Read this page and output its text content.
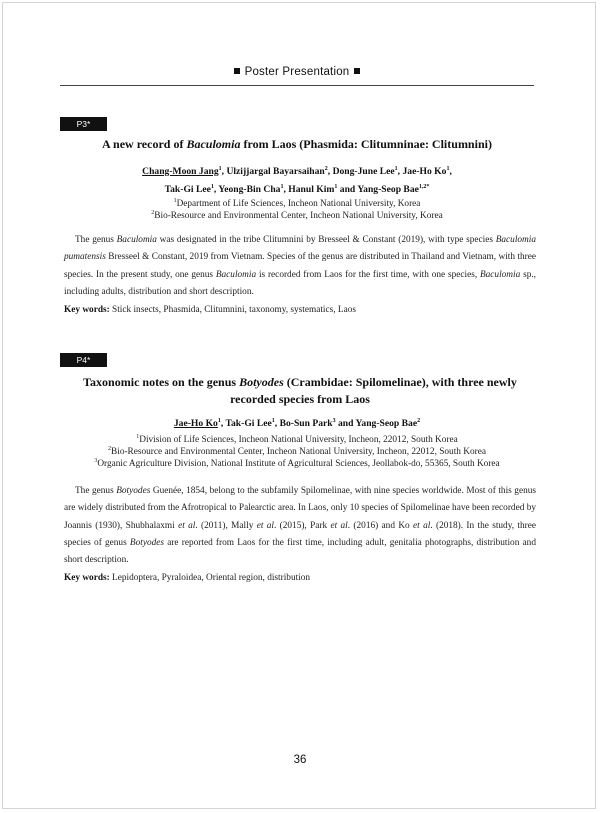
Poster Presentation
P3*
A new record of Baculomia from Laos (Phasmida: Clitumninae: Clitumnini)
Chang-Moon Jang$^1$, Ulzijjargal Bayarsaihan$^2$, Dong-June Lee$^1$, Jae-Ho Ko$^1$,
Tak-Gi Lee$^1$, Yeong-Bin Cha$^1$, Hanul Kim$^1$ and Yang-Seop Bae$^{1,2*}$
$^1$Department of Life Sciences, Incheon National University, Korea
$^2$Bio-Resource and Environmental Center, Incheon National University, Korea

The genus Baculomia was designated in the tribe Clitumnini by Bresseel & Constant (2019), with type species Baculomia pumatensis Bresseel & Constant, 2019 from Vietnam. Species of the genus are distributed in Thailand and Vietnam, with three species. In the present study, one genus Baculomia is recorded from Laos for the first time, with one species, Baculomia sp., including adults, distribution and short description.

Key words: Stick insects, Phasmida, Clitumnini, taxonomy, systematics, Laos
P4*
Taxonomic notes on the genus Botyodes (Crambidae: Spilomelinae), with three newly recorded species from Laos
Jae-Ho Ko$^1$, Tak-Gi Lee$^1$, Bo-Sun Park$^3$ and Yang-Seop Bae$^2$
$^1$Division of Life Sciences, Incheon National University, Incheon, 22012, South Korea
$^2$Bio-Resource and Environmental Center, Incheon National University, Incheon, 22012, South Korea
$^3$Organic Agriculture Division, National Institute of Agricultural Sciences, Jeollabok-do, 55365, South Korea

The genus Botyodes Guenée, 1854, belong to the subfamily Spilomelinae, with nine species worldwide. Most of this genus are widely distributed from the Afrotropical to Palearctic area. In Laos, only 10 species of Spilomelinae have been recorded by Joannis (1930), Shubhalaxmi et al. (2011), Mally et al. (2015), Park et al. (2016) and Ko et al. (2018). In the study, three species of genus Botyodes are reported from Laos for the first time, including adult, genitalia photographs, distribution and short description.

Key words: Lepidoptera, Pyraloidea, Oriental region, distribution
36
